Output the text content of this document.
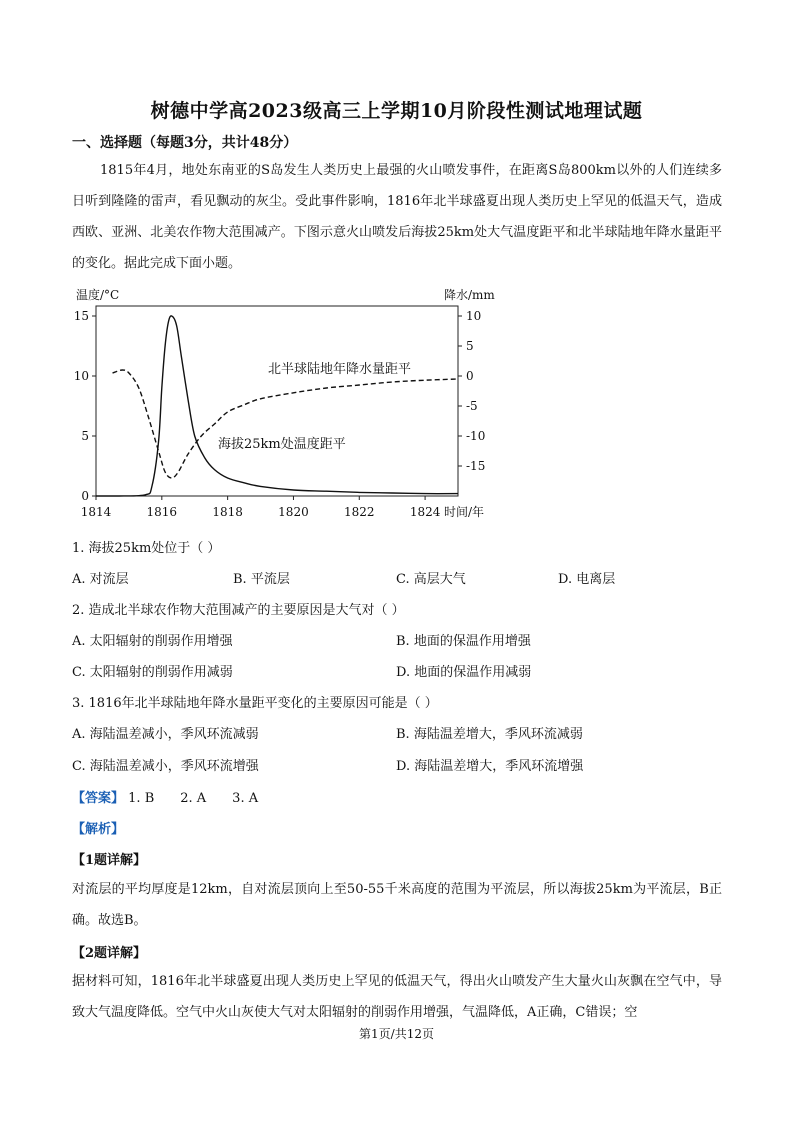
树德中学高2023级高三上学期10月阶段性测试地理试题
一、选择题（每题3分，共计48分）
1815年4月，地处东南亚的S岛发生人类历史上最强的火山喷发事件，在距离S岛800km以外的人们连续多日听到隆隆的雷声，看见飘动的灰尘。受此事件影响，1816年北半球盛夏出现人类历史上罕见的低温天气，造成西欧、亚洲、北美农作物大范围减产。下图示意火山喷发后海拔25km处大气温度距平和北半球陆地年降水量距平的变化。据此完成下面小题。
温度/°C	降水/mm
1814	1816	1818	1820	1822	1824
0
5
10
15	10
5
0
-5
-10
-15
北半球陆地年降水量距平
海拔25km处温度距平
时间/年
1. 海拔25km处位于（ ）
A. 对流层	B. 平流层	C. 高层大气	D. 电离层
2. 造成北半球农作物大范围减产的主要原因是大气对（ ）
A. 太阳辐射的削弱作用增强	B. 地面的保温作用增强
C. 太阳辐射的削弱作用减弱	D. 地面的保温作用减弱
3. 1816年北半球陆地年降水量距平变化的主要原因可能是（ ）
A. 海陆温差减小，季风环流减弱	B. 海陆温差增大，季风环流减弱
C. 海陆温差减小，季风环流增强	D. 海陆温差增大，季风环流增强
【答案】 1. B　　2. A　　3. A
【解析】
【1题详解】
对流层的平均厚度是12km，自对流层顶向上至50-55千米高度的范围为平流层，所以海拔25km为平流层，B正确。故选B。
【2题详解】
据材料可知，1816年北半球盛夏出现人类历史上罕见的低温天气，得出火山喷发产生大量火山灰飘在空气中，导致大气温度降低。空气中火山灰使大气对太阳辐射的削弱作用增强，气温降低，A正确，C错误；空
第1页/共12页
